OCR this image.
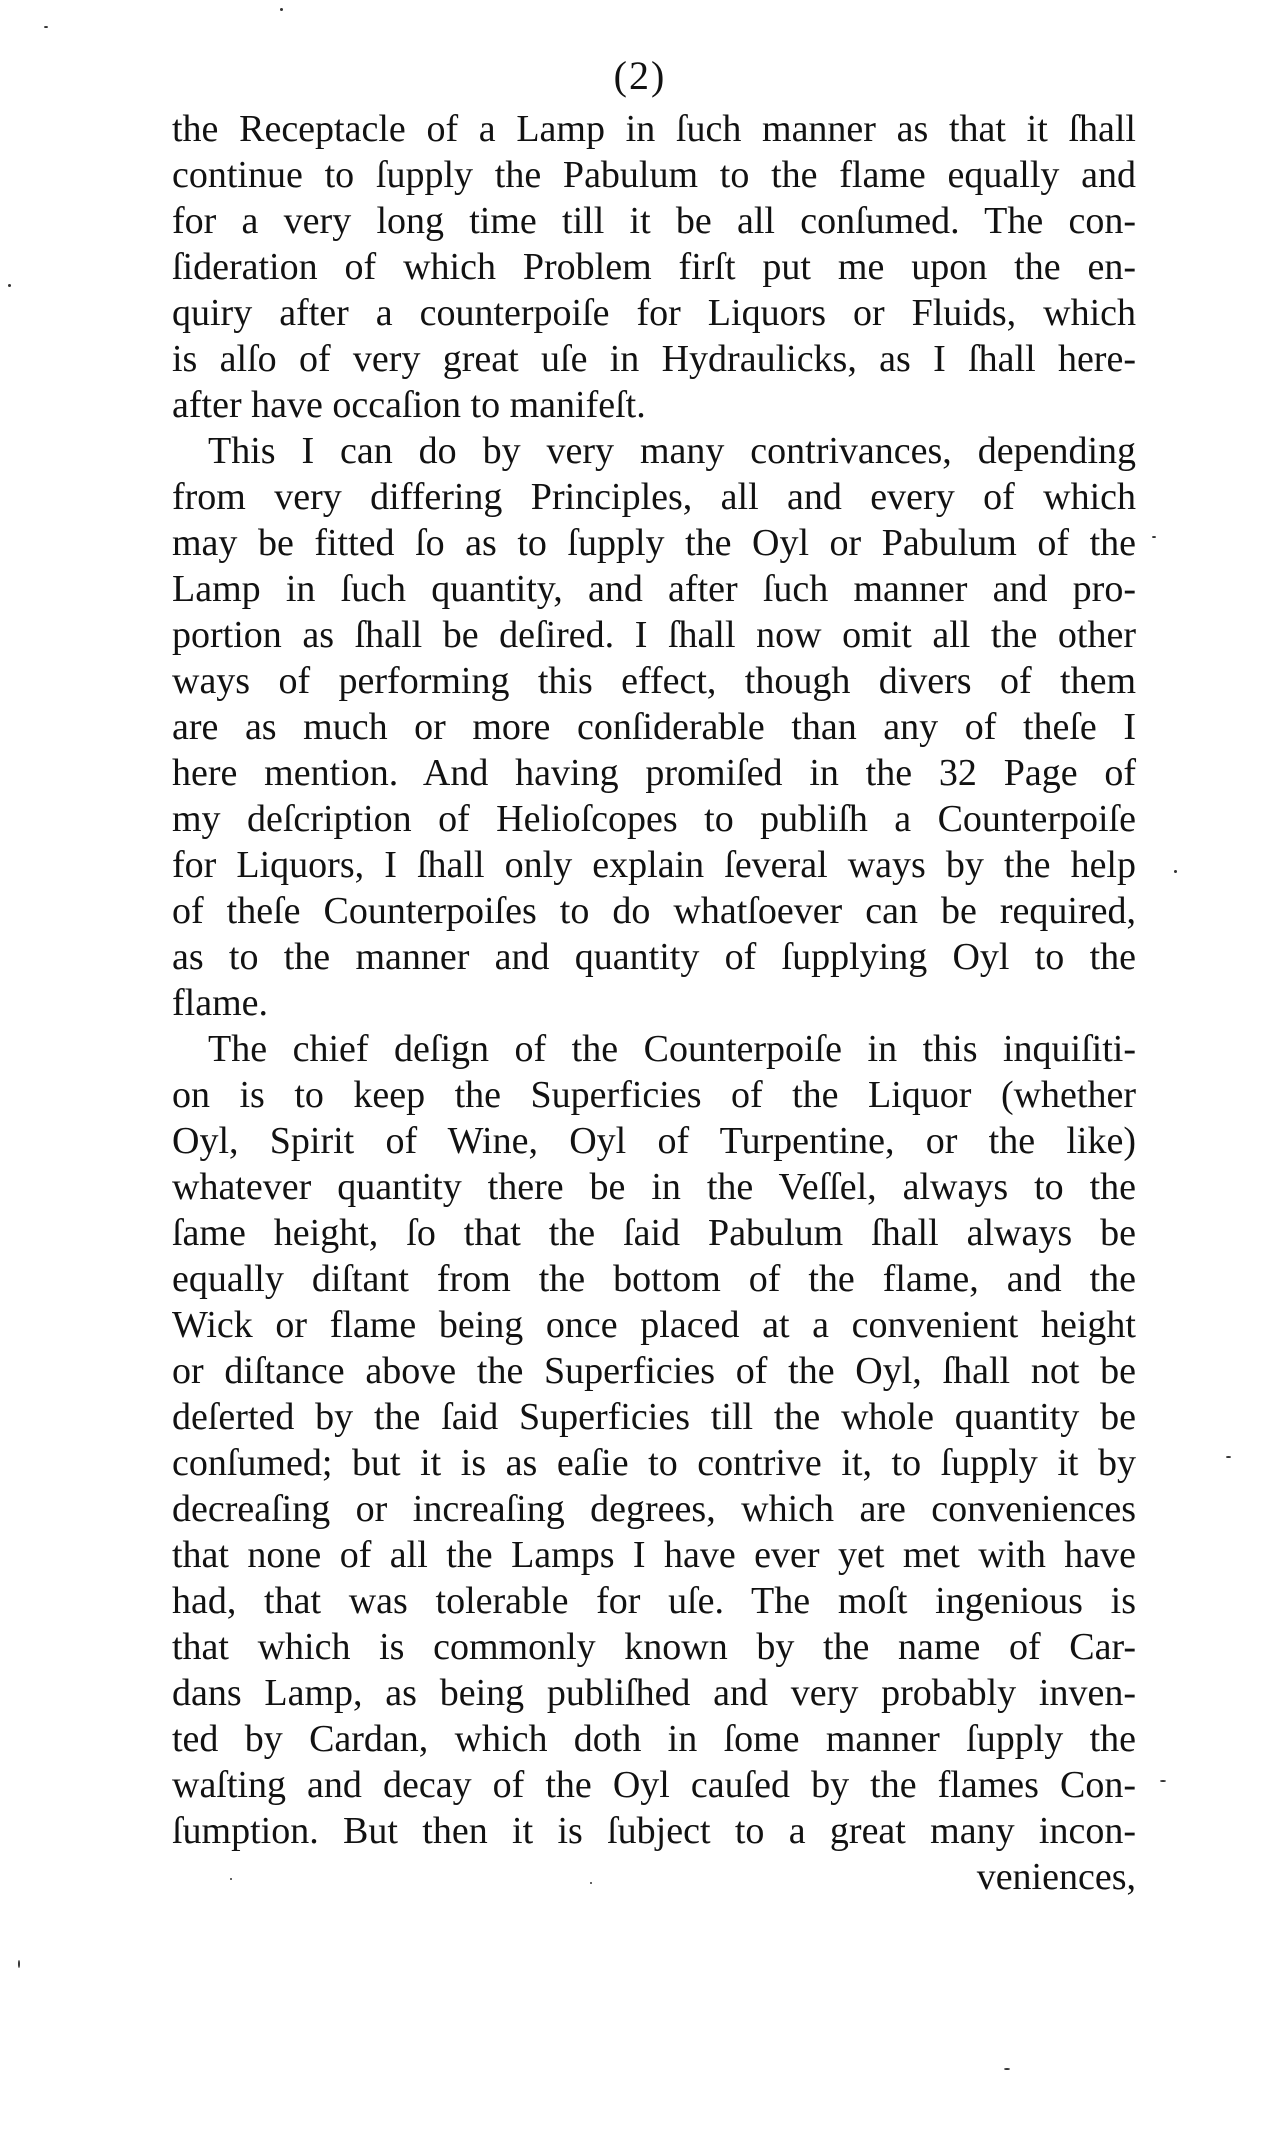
(2)
the Receptacle of a Lamp in ſuch manner as that it ſhall
continue to ſupply the Pabulum to the flame equally and
for a very long time till it be all conſumed. The con-
ſideration of which Problem firſt put me upon the en-
quiry after a counterpoiſe for Liquors or Fluids, which
is alſo of very great uſe in Hydraulicks, as I ſhall here-
after have occaſion to manifeſt.
This I can do by very many contrivances, depending
from very differing Principles, all and every of which
may be fitted ſo as to ſupply the Oyl or Pabulum of the
Lamp in ſuch quantity, and after ſuch manner and pro-
portion as ſhall be deſired. I ſhall now omit all the other
ways of performing this effect, though divers of them
are as much or more conſiderable than any of theſe I
here mention. And having promiſed in the 32 Page of
my deſcription of Helioſcopes to publiſh a Counterpoiſe
for Liquors, I ſhall only explain ſeveral ways by the help
of theſe Counterpoiſes to do whatſoever can be required,
as to the manner and quantity of ſupplying Oyl to the
flame.
The chief deſign of the Counterpoiſe in this inquiſiti-
on is to keep the Superficies of the Liquor (whether
Oyl, Spirit of Wine, Oyl of Turpentine, or the like)
whatever quantity there be in the Veſſel, always to the
ſame height, ſo that the ſaid Pabulum ſhall always be
equally diſtant from the bottom of the flame, and the
Wick or flame being once placed at a convenient height
or diſtance above the Superficies of the Oyl, ſhall not be
deſerted by the ſaid Superficies till the whole quantity be
conſumed; but it is as eaſie to contrive it, to ſupply it by
decreaſing or increaſing degrees, which are conveniences
that none of all the Lamps I have ever yet met with have
had, that was tolerable for uſe. The moſt ingenious is
that which is commonly known by the name of Car-
dans Lamp, as being publiſhed and very probably inven-
ted by Cardan, which doth in ſome manner ſupply the
waſting and decay of the Oyl cauſed by the flames Con-
ſumption. But then it is ſubject to a great many incon-
veniences,
